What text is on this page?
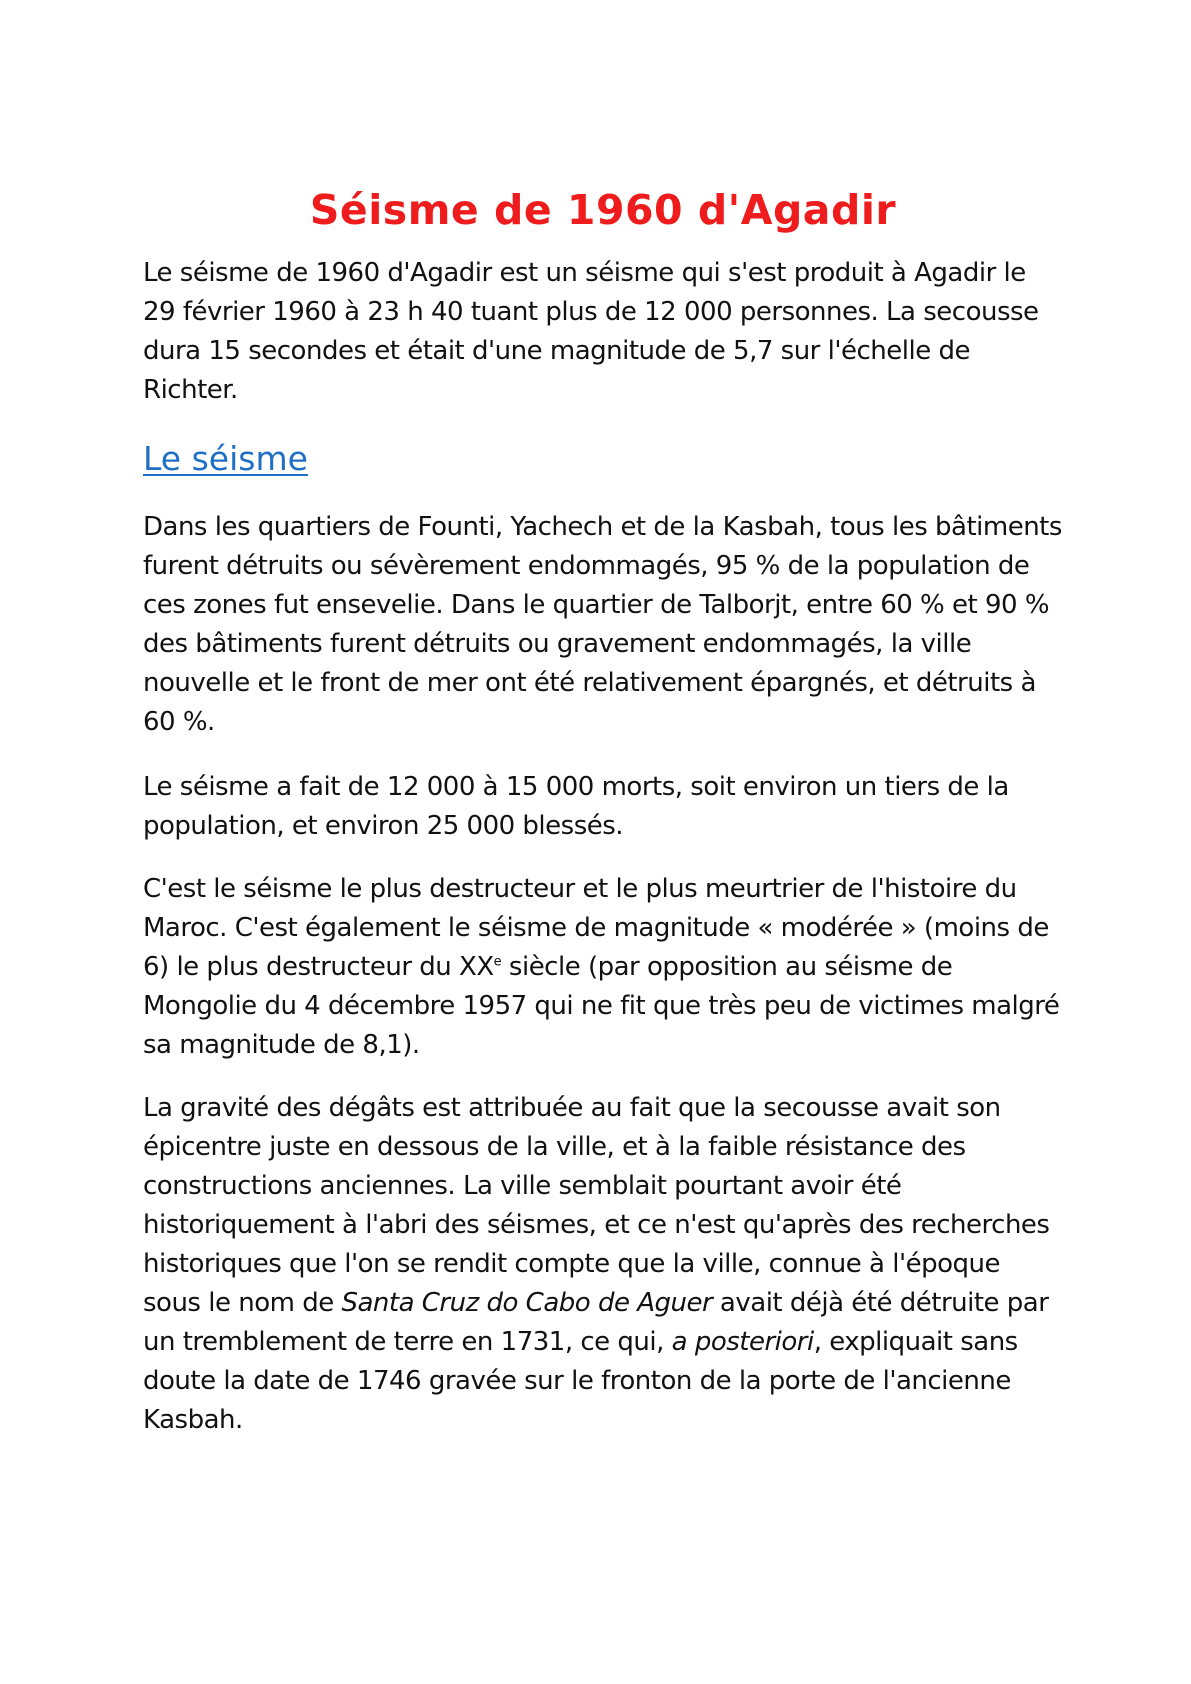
Séisme de 1960 d'Agadir

Le séisme de 1960 d'Agadir est un séisme qui s'est produit à Agadir le 29 février 1960 à 23 h 40 tuant plus de 12 000 personnes. La secousse dura 15 secondes et était d'une magnitude de 5,7 sur l'échelle de Richter.

Le séisme

Dans les quartiers de Founti, Yachech et de la Kasbah, tous les bâtiments furent détruits ou sévèrement endommagés, 95 % de la population de ces zones fut ensevelie. Dans le quartier de Talborjt, entre 60 % et 90 % des bâtiments furent détruits ou gravement endommagés, la ville nouvelle et le front de mer ont été relativement épargnés, et détruits à 60 %.

Le séisme a fait de 12 000 à 15 000 morts, soit environ un tiers de la population, et environ 25 000 blessés.

C'est le séisme le plus destructeur et le plus meurtrier de l'histoire du Maroc. C'est également le séisme de magnitude « modérée » (moins de 6) le plus destructeur du XXe siècle (par opposition au séisme de Mongolie du 4 décembre 1957 qui ne fit que très peu de victimes malgré sa magnitude de 8,1).

La gravité des dégâts est attribuée au fait que la secousse avait son épicentre juste en dessous de la ville, et à la faible résistance des constructions anciennes. La ville semblait pourtant avoir été historiquement à l'abri des séismes, et ce n'est qu'après des recherches historiques que l'on se rendit compte que la ville, connue à l'époque sous le nom de Santa Cruz do Cabo de Aguer avait déjà été détruite par un tremblement de terre en 1731, ce qui, a posteriori, expliquait sans doute la date de 1746 gravée sur le fronton de la porte de l'ancienne Kasbah.
